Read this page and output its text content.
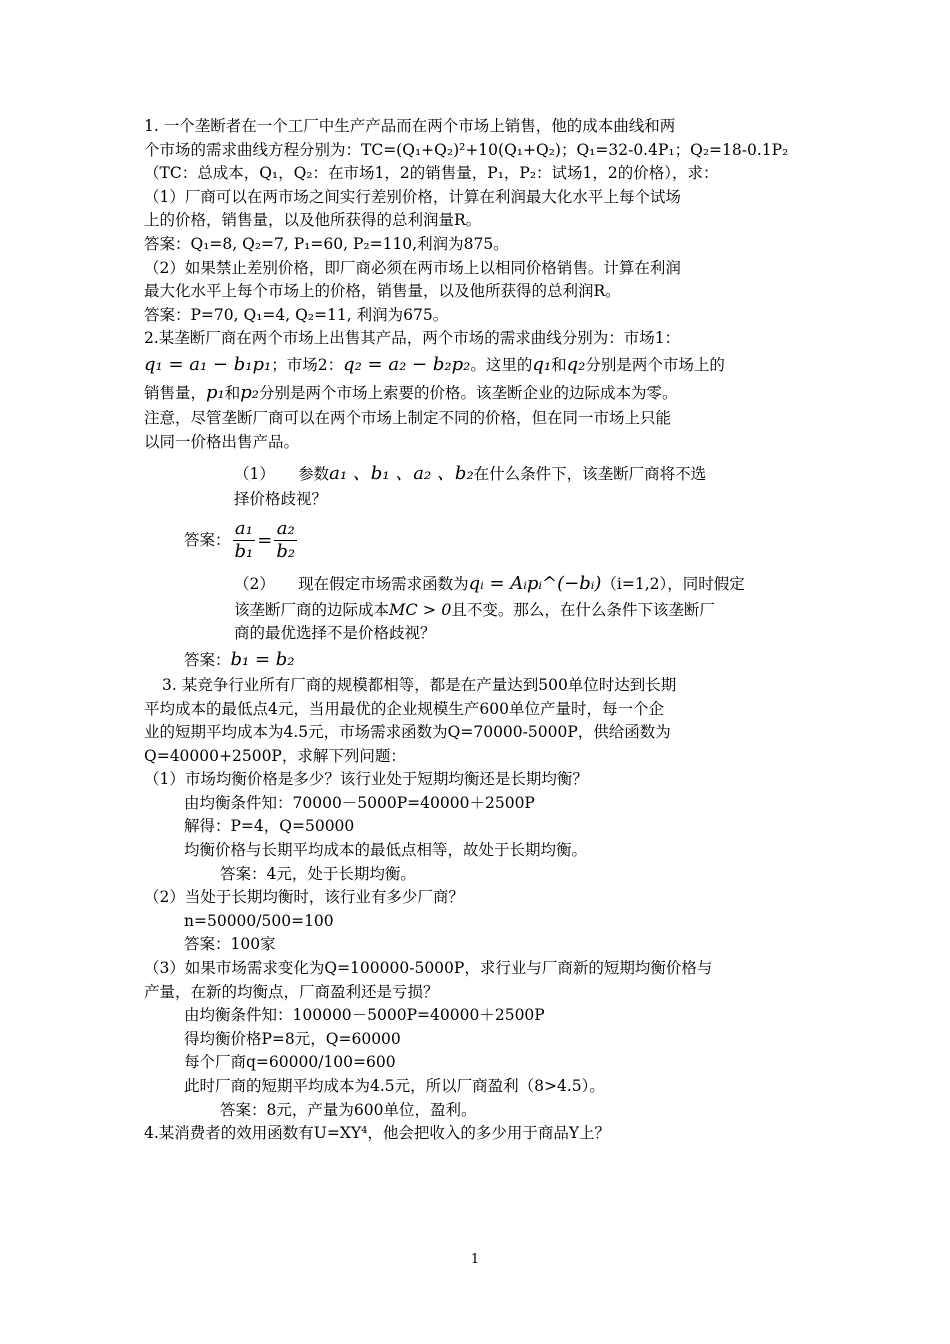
1. 一个垄断者在一个工厂中生产产品而在两个市场上销售，他的成本曲线和两
个市场的需求曲线方程分别为：TC=(Q₁+Q₂)²+10(Q₁+Q₂)；Q₁=32-0.4P₁；Q₂=18-0.1P₂
（TC：总成本，Q₁，Q₂：在市场1，2的销售量，P₁，P₂：试场1，2的价格），求：
（1）厂商可以在两市场之间实行差别价格，计算在利润最大化水平上每个试场
上的价格，销售量，以及他所获得的总利润量R。
答案：Q₁=8, Q₂=7, P₁=60, P₂=110,利润为875。
（2）如果禁止差别价格，即厂商必须在两市场上以相同价格销售。计算在利润
最大化水平上每个市场上的价格，销售量，以及他所获得的总利润R。
答案：P=70, Q₁=4, Q₂=11, 利润为675。
2.某垄断厂商在两个市场上出售其产品，两个市场的需求曲线分别为：市场1：
q₁ = a₁ − b₁p₁；市场2：q₂ = a₂ − b₂p₂。这里的q₁和q₂分别是两个市场上的
销售量，p₁和p₂分别是两个市场上索要的价格。该垄断企业的边际成本为零。
注意，尽管垄断厂商可以在两个市场上制定不同的价格，但在同一市场上只能
以同一价格出售产品。
（1）　　参数a₁ 、b₁ 、a₂ 、b₂在什么条件下，该垄断厂商将不选
择价格歧视？
答案： $\frac{\text{a₁}}{\text{b₁}} = \frac{\text{a₂}}{\text{b₂}}$
（2）　　现在假定市场需求函数为qᵢ = Aᵢpᵢ^(−bᵢ)（i=1,2），同时假定
该垄断厂商的边际成本MC > 0且不变。那么，在什么条件下该垄断厂
商的最优选择不是价格歧视？
答案：b₁ = b₂
3. 某竞争行业所有厂商的规模都相等，都是在产量达到500单位时达到长期
平均成本的最低点4元，当用最优的企业规模生产600单位产量时，每一个企
业的短期平均成本为4.5元，市场需求函数为Q=70000-5000P，供给函数为
Q=40000+2500P，求解下列问题：
（1）市场均衡价格是多少？该行业处于短期均衡还是长期均衡？
由均衡条件知：70000－5000P=40000＋2500P
解得：P=4，Q=50000
均衡价格与长期平均成本的最低点相等，故处于长期均衡。
答案：4元，处于长期均衡。
（2）当处于长期均衡时，该行业有多少厂商？
n=50000/500=100
答案：100家
（3）如果市场需求变化为Q=100000-5000P，求行业与厂商新的短期均衡价格与
产量，在新的均衡点，厂商盈利还是亏损？
由均衡条件知：100000－5000P=40000＋2500P
得均衡价格P=8元，Q=60000
每个厂商q=60000/100=600
此时厂商的短期平均成本为4.5元，所以厂商盈利（8>4.5）。
答案：8元，产量为600单位，盈利。
4.某消费者的效用函数有U=XY⁴，他会把收入的多少用于商品Y上？
1
